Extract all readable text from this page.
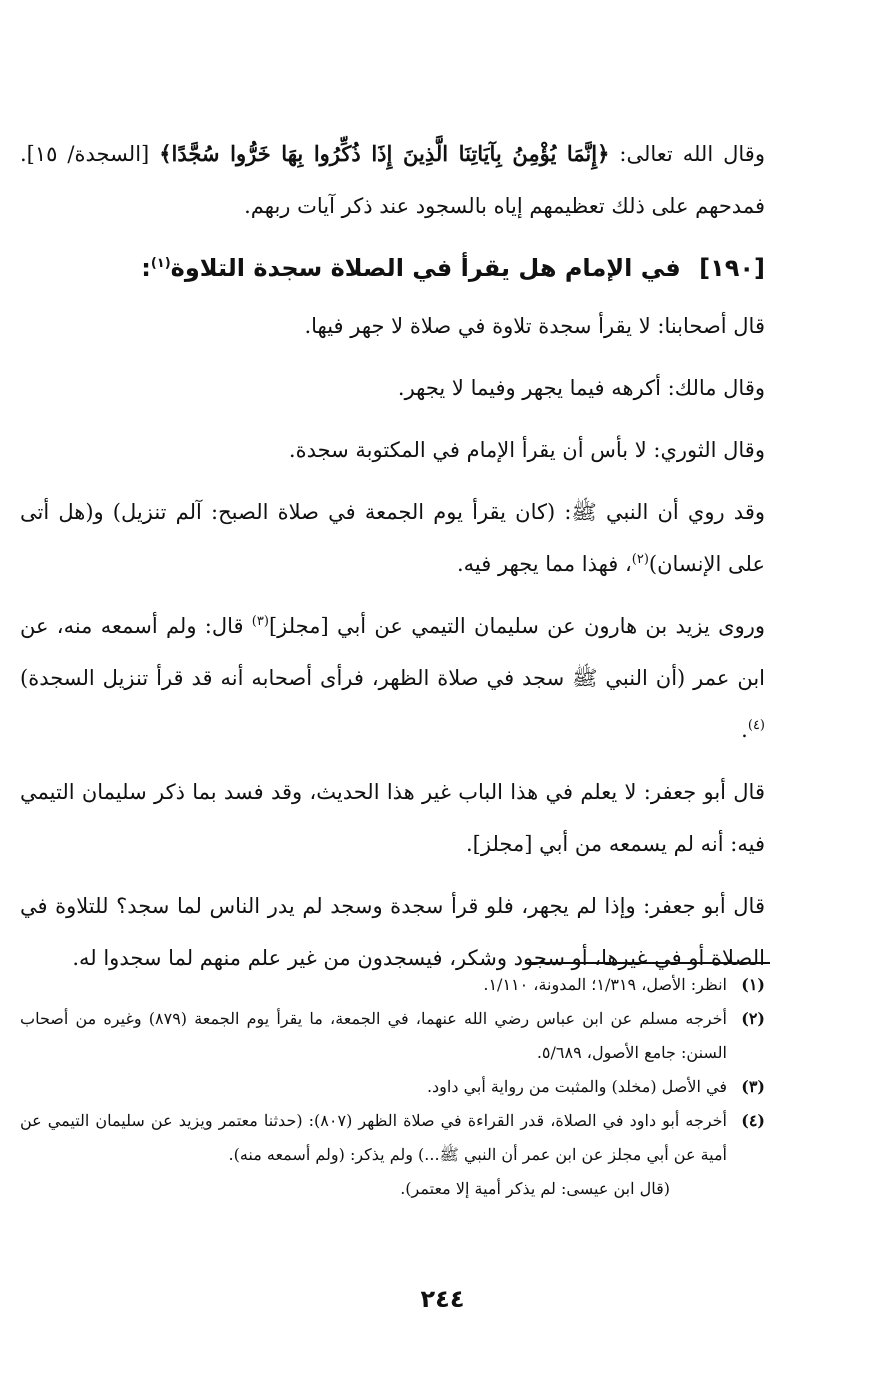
وقال الله تعالى: ﴿إِنَّمَا يُؤْمِنُ بِآيَاتِنَا الَّذِينَ إِذَا ذُكِّرُوا بِهَا خَرُّوا سُجَّدًا﴾ [السجدة/ ١٥]. فمدحهم على ذلك تعظيمهم إياه بالسجود عند ذكر آيات ربهم.

[١٩٠] في الإمام هل يقرأ في الصلاة سجدة التلاوة$^{(١)}$:

قال أصحابنا: لا يقرأ سجدة تلاوة في صلاة لا جهر فيها.

وقال مالك: أكرهه فيما يجهر وفيما لا يجهر.

وقال الثوري: لا بأس أن يقرأ الإمام في المكتوبة سجدة.

وقد روي أن النبي ﷺ: (كان يقرأ يوم الجمعة في صلاة الصبح: آلم تنزيل) و(هل أتى على الإنسان)$^{(٢)}$، فهذا مما يجهر فيه.

وروى يزيد بن هارون عن سليمان التيمي عن أبي [مجلز]$^{(٣)}$ قال: ولم أسمعه منه، عن ابن عمر (أن النبي ﷺ سجد في صلاة الظهر، فرأى أصحابه أنه قد قرأ تنزيل السجدة)$^{(٤)}$.

قال أبو جعفر: لا يعلم في هذا الباب غير هذا الحديث، وقد فسد بما ذكر سليمان التيمي فيه: أنه لم يسمعه من أبي [مجلز].

قال أبو جعفر: وإذا لم يجهر، فلو قرأ سجدة وسجد لم يدر الناس لما سجد؟ للتلاوة في الصلاة أو في غيرها، أو سجود وشكر، فيسجدون من غير علم منهم لما سجدوا له.

(١)
انظر: الأصل، ١/٣١٩؛ المدونة، ١/١١٠.
(٢)
أخرجه مسلم عن ابن عباس رضي الله عنهما، في الجمعة، ما يقرأ يوم الجمعة (٨٧٩) وغيره من أصحاب السنن: جامع الأصول، ٥/٦٨٩.
(٣)
في الأصل (مخلد) والمثبت من رواية أبي داود.
(٤)
أخرجه أبو داود في الصلاة، قدر القراءة في صلاة الظهر (٨٠٧): (حدثنا معتمر ويزيد عن سليمان التيمي عن أمية عن أبي مجلز عن ابن عمر أن النبي ﷺ...) ولم يذكر: (ولم أسمعه منه).
(قال ابن عيسى: لم يذكر أمية إلا معتمر).
٢٤٤
